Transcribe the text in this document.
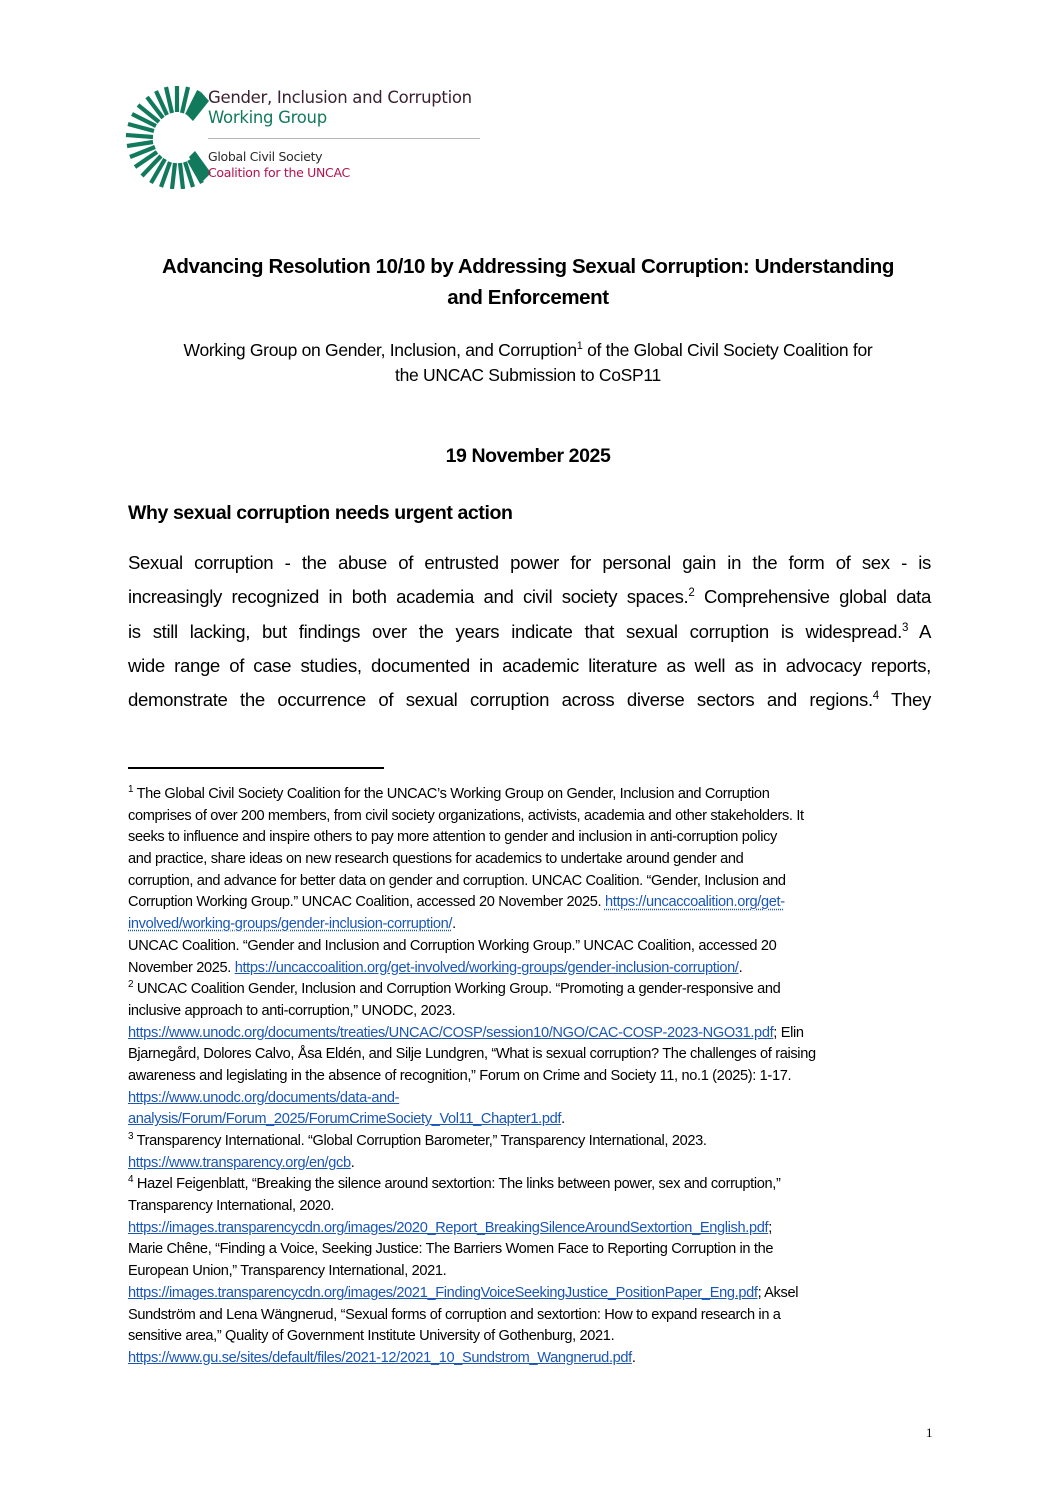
Gender, Inclusion and Corruption
Working Group
Global Civil Society
Coalition for the UNCAC
Advancing Resolution 10/10 by Addressing Sexual Corruption: Understanding
and Enforcement
Working Group on Gender, Inclusion, and Corruption$^1$ of the Global Civil Society Coalition for
the UNCAC Submission to CoSP11
19 November 2025
Why sexual corruption needs urgent action
Sexual corruption - the abuse of entrusted power for personal gain in the form of sex - is
increasingly recognized in both academia and civil society spaces.$^2$ Comprehensive global data
is still lacking, but findings over the years indicate that sexual corruption is widespread.$^3$ A
wide range of case studies, documented in academic literature as well as in advocacy reports,
demonstrate the occurrence of sexual corruption across diverse sectors and regions.$^4$ They
$^1$ The Global Civil Society Coalition for the UNCAC’s Working Group on Gender, Inclusion and Corruption
comprises of over 200 members, from civil society organizations, activists, academia and other stakeholders. It
seeks to influence and inspire others to pay more attention to gender and inclusion in anti-corruption policy
and practice, share ideas on new research questions for academics to undertake around gender and
corruption, and advance for better data on gender and corruption. UNCAC Coalition. “Gender, Inclusion and
Corruption Working Group.” UNCAC Coalition, accessed 20 November 2025. https://uncaccoalition.org/get-
involved/working-groups/gender-inclusion-corruption/.
UNCAC Coalition. “Gender and Inclusion and Corruption Working Group.” UNCAC Coalition, accessed 20
November 2025. https://uncaccoalition.org/get-involved/working-groups/gender-inclusion-corruption/.
$^2$ UNCAC Coalition Gender, Inclusion and Corruption Working Group. “Promoting a gender-responsive and
inclusive approach to anti-corruption,” UNODC, 2023.
https://www.unodc.org/documents/treaties/UNCAC/COSP/session10/NGO/CAC-COSP-2023-NGO31.pdf; Elin
Bjarnegård, Dolores Calvo, Åsa Eldén, and Silje Lundgren, “What is sexual corruption? The challenges of raising
awareness and legislating in the absence of recognition,” Forum on Crime and Society 11, no.1 (2025): 1-17.
https://www.unodc.org/documents/data-and-
analysis/Forum/Forum_2025/ForumCrimeSociety_Vol11_Chapter1.pdf.
$^3$ Transparency International. “Global Corruption Barometer,” Transparency International, 2023.
https://www.transparency.org/en/gcb.
$^4$ Hazel Feigenblatt, “Breaking the silence around sextortion: The links between power, sex and corruption,”
Transparency International, 2020.
https://images.transparencycdn.org/images/2020_Report_BreakingSilenceAroundSextortion_English.pdf;
Marie Chêne, “Finding a Voice, Seeking Justice: The Barriers Women Face to Reporting Corruption in the
European Union,” Transparency International, 2021.
https://images.transparencycdn.org/images/2021_FindingVoiceSeekingJustice_PositionPaper_Eng.pdf; Aksel
Sundström and Lena Wängnerud, “Sexual forms of corruption and sextortion: How to expand research in a
sensitive area,” Quality of Government Institute University of Gothenburg, 2021.
https://www.gu.se/sites/default/files/2021-12/2021_10_Sundstrom_Wangnerud.pdf.
1
